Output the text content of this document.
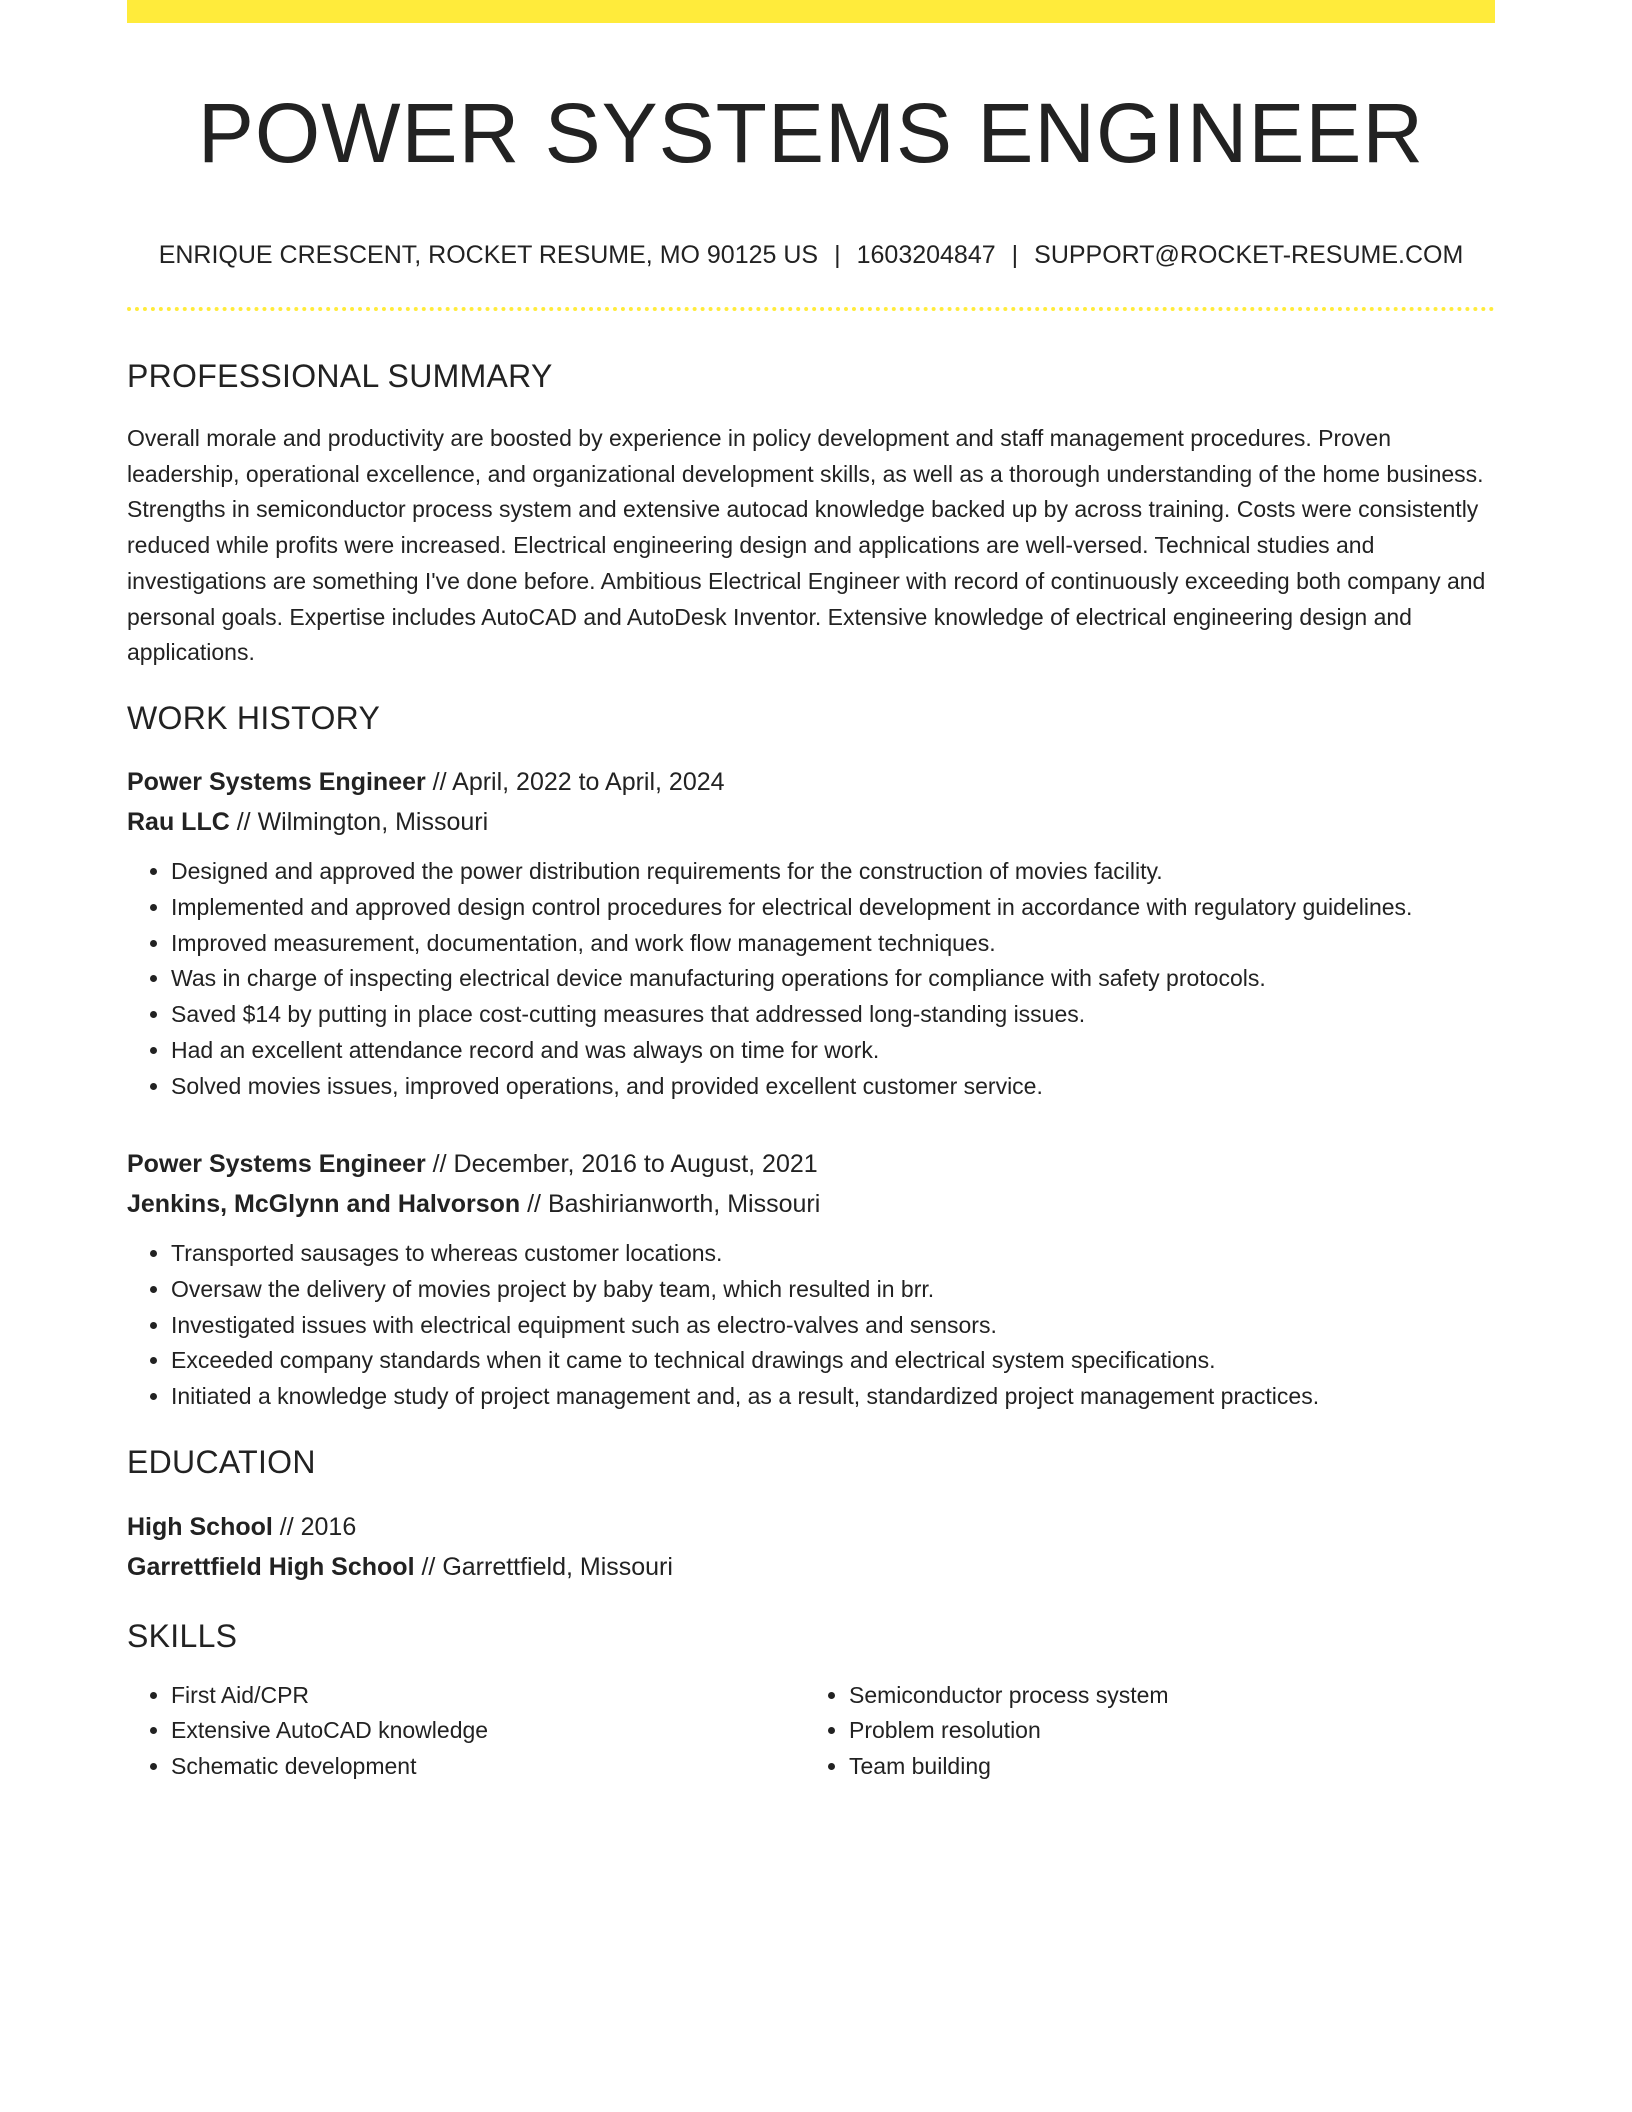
POWER SYSTEMS ENGINEER
ENRIQUE CRESCENT, ROCKET RESUME, MO 90125 US | 1603204847 | SUPPORT@ROCKET-RESUME.COM
PROFESSIONAL SUMMARY

Overall morale and productivity are boosted by experience in policy development and staff management procedures. Proven leadership, operational excellence, and organizational development skills, as well as a thorough understanding of the home business. Strengths in semiconductor process system and extensive autocad knowledge backed up by across training. Costs were consistently reduced while profits were increased. Electrical engineering design and applications are well-versed. Technical studies and investigations are something I've done before. Ambitious Electrical Engineer with record of continuously exceeding both company and personal goals. Expertise includes AutoCAD and AutoDesk Inventor. Extensive knowledge of electrical engineering design and applications.

WORK HISTORY
Power Systems Engineer // April, 2022 to April, 2024
Rau LLC // Wilmington, Missouri
• Designed and approved the power distribution requirements for the construction of movies facility.
• Implemented and approved design control procedures for electrical development in accordance with regulatory guidelines.
• Improved measurement, documentation, and work flow management techniques.
• Was in charge of inspecting electrical device manufacturing operations for compliance with safety protocols.
• Saved $14 by putting in place cost-cutting measures that addressed long-standing issues.
• Had an excellent attendance record and was always on time for work.
• Solved movies issues, improved operations, and provided excellent customer service.
Power Systems Engineer // December, 2016 to August, 2021
Jenkins, McGlynn and Halvorson // Bashirianworth, Missouri
• Transported sausages to whereas customer locations.
• Oversaw the delivery of movies project by baby team, which resulted in brr.
• Investigated issues with electrical equipment such as electro-valves and sensors.
• Exceeded company standards when it came to technical drawings and electrical system specifications.
• Initiated a knowledge study of project management and, as a result, standardized project management practices.
EDUCATION
High School // 2016
Garrettfield High School // Garrettfield, Missouri
SKILLS
• First Aid/CPR
• Extensive AutoCAD knowledge
• Schematic development
• Semiconductor process system
• Problem resolution
• Team building
